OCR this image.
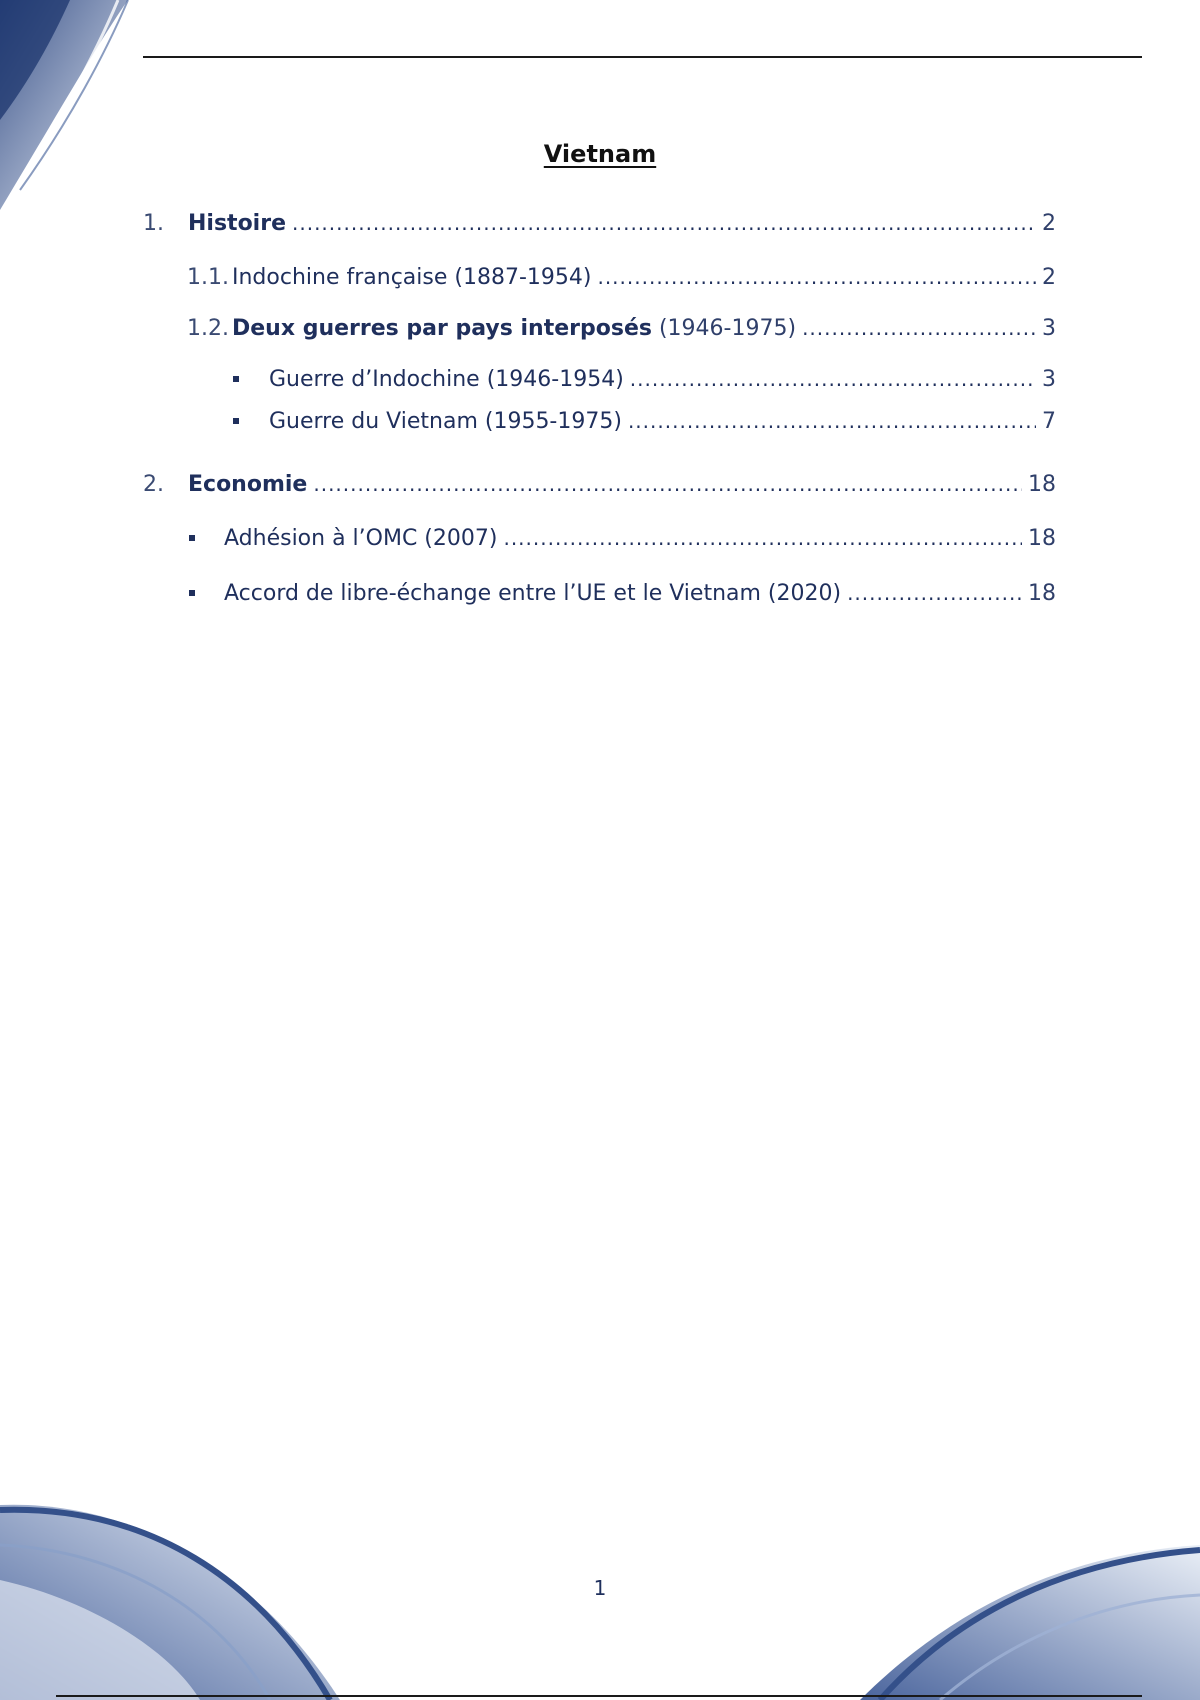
Vietnam
1.	Histoire .....	2
1.1. Indochine française (1887-1954) .....	2
1.2. Deux guerres par pays interposés (1946-1975) .....	3
Guerre d’Indochine (1946-1954) .....	3
Guerre du Vietnam (1955-1975) .....	7
2.	Economie .....	18
Adhésion à l’OMC (2007) .....	18
Accord de libre-échange entre l’UE et le Vietnam (2020) .....	18
1
